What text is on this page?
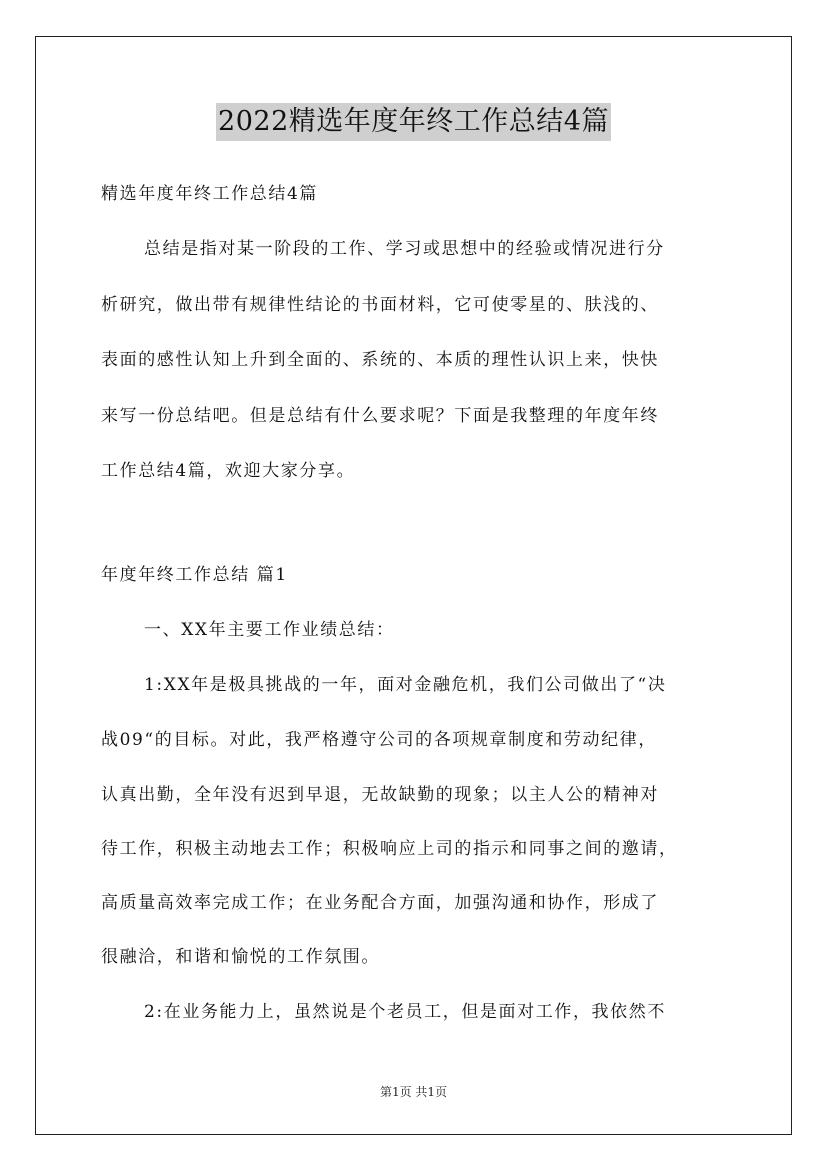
2022精选年度年终工作总结4篇
精选年度年终工作总结4篇
总结是指对某一阶段的工作、学习或思想中的经验或情况进行分
析研究，做出带有规律性结论的书面材料，它可使零星的、肤浅的、
表面的感性认知上升到全面的、系统的、本质的理性认识上来，快快
来写一份总结吧。但是总结有什么要求呢？下面是我整理的年度年终
工作总结4篇，欢迎大家分享。
年度年终工作总结 篇1
一、XX年主要工作业绩总结：
1:XX年是极具挑战的一年，面对金融危机，我们公司做出了“决
战09“的目标。对此，我严格遵守公司的各项规章制度和劳动纪律，
认真出勤，全年没有迟到早退，无故缺勤的现象；以主人公的精神对
待工作，积极主动地去工作；积极响应上司的指示和同事之间的邀请，
高质量高效率完成工作；在业务配合方面，加强沟通和协作，形成了
很融洽，和谐和愉悦的工作氛围。
2:在业务能力上，虽然说是个老员工，但是面对工作，我依然不
第1页 共1页
